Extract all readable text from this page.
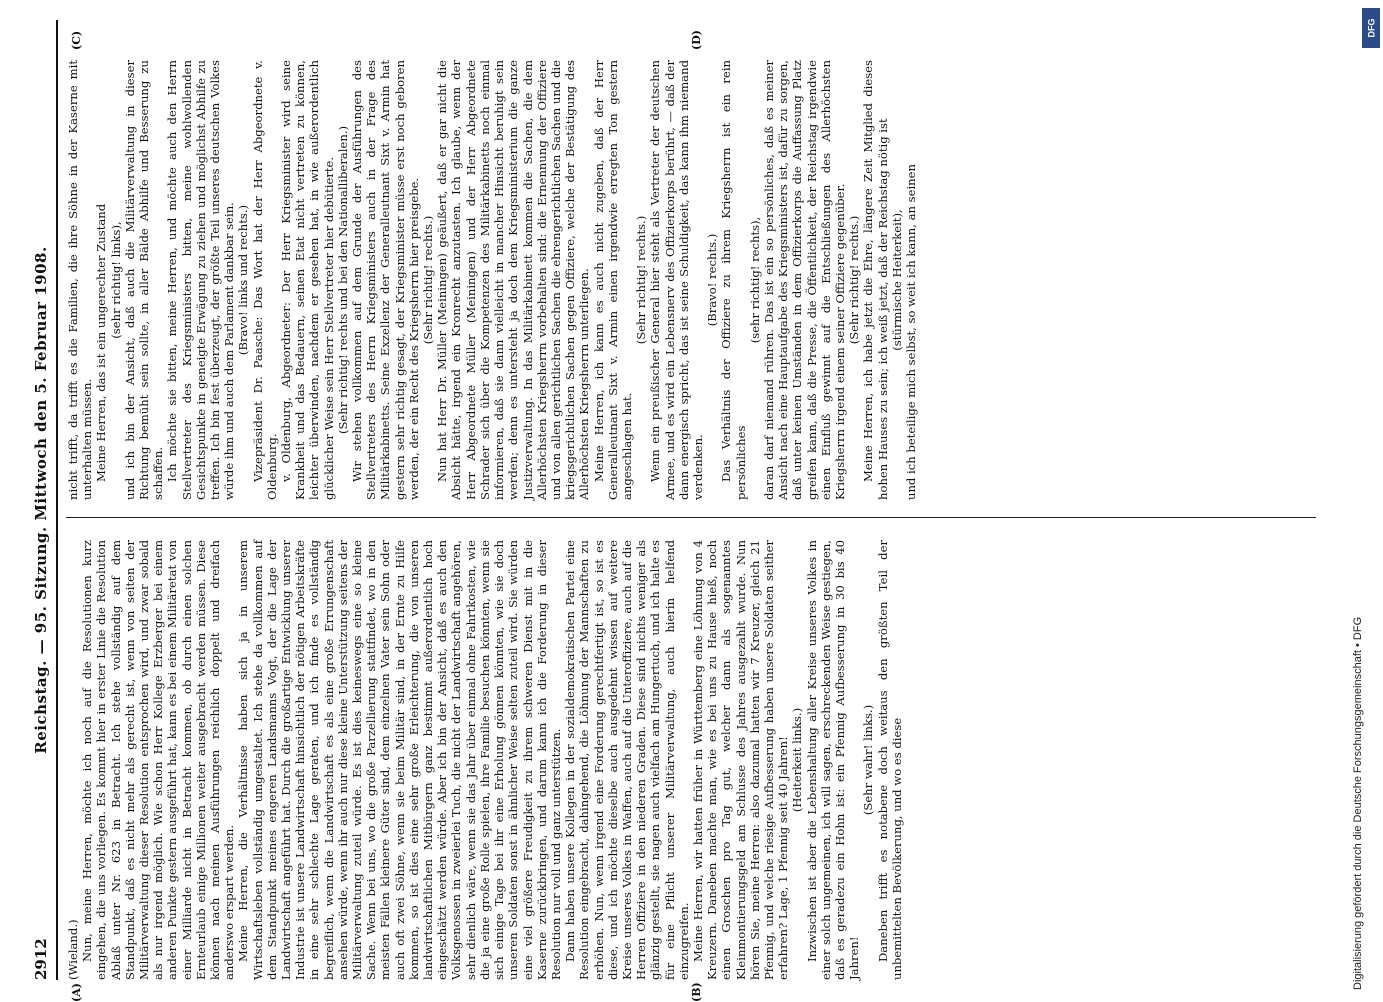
2912
Reichstag. — 95. Sitzung. Mittwoch den 5. Februar 1908.

(Wieland.) Nun, meine Herren, möchte ich noch auf die Resolutionen kurz eingehen, die uns vorliegen. Es kommt hier in erster Linie die Resolution Ablaß unter Nr. 623 in Betracht. Ich stehe vollständig auf dem Standpunkt, daß es nicht mehr als gerecht ist, wenn von seiten der Militärverwaltung dieser Resolution entsprochen wird, und zwar sobald als nur irgend möglich. Wie schon Herr Kollege Erzberger bei einem anderen Punkte gestern ausgeführt hat, kann es bei einem Militäretat von einer Milliarde nicht in Betracht kommen, ob durch einen solchen Ernteurlaub einige Millionen weiter ausgebracht werden müssen. Diese können nach meinen Ausführungen reichlich doppelt und dreifach anderswo erspart werden. Meine Herren, die Verhältnisse haben sich ja in unserem Wirtschaftsleben vollständig umgestaltet. Ich stehe da vollkommen auf dem Standpunkt meines engeren Landsmanns Vogt, der die Lage der Landwirtschaft angeführt hat. Durch die großartige Entwicklung unserer Industrie ist unsere Landwirtschaft hinsichtlich der nötigen Arbeitskräfte in eine sehr schlechte Lage geraten, und ich finde es vollständig begreiflich, wenn die Landwirtschaft es als eine große Errungenschaft ansehen würde, wenn ihr auch nur diese kleine Unterstützung seitens der Militärverwaltung zuteil würde. Es ist dies keineswegs eine so kleine Sache. Wenn bei uns, wo die große Parzellierung stattfindet, wo in den meisten Fällen kleinere Güter sind, dem einzelnen Vater sein Sohn oder auch oft zwei Söhne, wenn sie beim Militär sind, in der Ernte zu Hilfe kommen, so ist dies eine sehr große Erleichterung, die von unseren landwirtschaftlichen Mitbürgern ganz bestimmt außerordentlich hoch eingeschätzt werden würde. Aber ich bin der Ansicht, daß es auch den Volksgenossen in zweierlei Tuch, die nicht der Landwirtschaft angehören, sehr dienlich wäre, wenn sie das Jahr über einmal ohne Fahrtkosten, wie die ja eine große Rolle spielen, ihre Familie besuchen könnten, wenn sie sich einige Tage bei ihr eine Erholung gönnen könnten, wie sie doch unseren Soldaten sonst in ähnlicher Weise selten zuteil wird. Sie würden eine viel größere Freudigkeit zu ihrem schweren Dienst mit in die Kaserne zurückbringen, und darum kann ich die Forderung in dieser Resolution nur voll und ganz unterstützen. Dann haben unsere Kollegen in der sozialdemokratischen Partei eine Resolution eingebracht, dahingehend, die Löhnung der Mannschaften zu erhöhen. Nun, wenn irgend eine Forderung gerechtfertigt ist, so ist es diese, und ich möchte dieselbe auch ausgedehnt wissen auf weitere Kreise unseres Volkes in Waffen, auch auf die Unteroffiziere, auch auf die Herren Offiziere in den niederen Graden. Diese sind nichts weniger als glänzig gestellt, sie nagen auch vielfach am Hungertuch, und ich halte es für eine Pflicht unserer Militärverwaltung, auch hierin helfend einzugreifen. Meine Herren, wir hatten früher in Württemberg eine Löhnung von 4 Kreuzern. Daneben machte man, wie es bei uns zu Hause hieß, noch einen Groschen pro Tag gut, welcher dann als sogenanntes Kleinmontierungsgeld am Schlusse des Jahres ausgezahlt wurde. Nun hören Sie, meine Herren: also dazumal hatten wir 7 Kreuzer, gleich 21 Pfennig, und welche riesige Aufbesserung haben unsere Soldaten seither erfahren? Lage, 1 Pfennig seit 40 Jahren! (Heiterkeit links.) Inzwischen ist aber die Lebenshaltung aller Kreise unseres Volkes in einer solch ungemeinen, ich will sagen, erschreckenden Weise gestiegen, daß es geradezu ein Hohn ist: ein Pfennig Aufbesserung in 30 bis 40 Jahren!

(Sehr wahr! links.) Daneben trifft es notabene doch weitaus den größten Teil der unbemittelten Bevölkerung, und wo es diese

nicht trifft, da trifft es die Familien, die ihre Söhne in der Kaserne mit unterhalten müssen. Meine Herren, das ist ein ungerechter Zustand (sehr richtig! links), und ich bin der Ansicht, daß auch die Militärverwaltung in dieser Richtung bemüht sein sollte, in aller Bälde Abhilfe und Besserung zu schaffen. Ich möchte sie bitten, meine Herren, und möchte auch den Herrn Stellvertreter des Kriegsministers bitten, meine wohlwollenden Gesichtspunkte in geneigte Erwägung zu ziehen und möglichst Abhilfe zu treffen. Ich bin fest überzeugt, der größte Teil unseres deutschen Volkes würde ihm und auch dem Parlament dankbar sein. (Bravo! links und rechts.) Vizepräsident Dr. Paasche: Das Wort hat der Herr Abgeordnete v. Oldenburg. v. Oldenburg, Abgeordneter: Der Herr Kriegsminister wird seine Krankheit und das Bedauern, seinen Etat nicht vertreten zu können, leichter überwinden, nachdem er gesehen hat, in wie außerordentlich glücklicher Weise sein Herr Stellvertreter hier debütierte. (Sehr richtig! rechts und bei den Nationalliberalen.) Wir stehen vollkommen auf dem Grunde der Ausführungen des Stellvertreters des Herrn Kriegsministers auch in der Frage des Militärkabinetts. Seine Exzellenz der Generalleutnant Sixt v. Armin hat gestern sehr richtig gesagt, der Kriegsminister müsse erst noch geboren werden, der ein Recht des Kriegsherrn hier preisgebe. (Sehr richtig! rechts.) Nun hat Herr Dr. Müller (Meiningen) geäußert, daß er gar nicht die Absicht hätte, irgend ein Kronrecht anzutasten. Ich glaube, wenn der Herr Abgeordnete Müller (Meiningen) und der Herr Abgeordnete Schrader sich über die Kompetenzen des Militärkabinetts noch einmal informieren, daß sie dann vielleicht in mancher Hinsicht beruhigt sein werden; denn es untersteht ja doch dem Kriegsministerium die ganze Justizverwaltung. In das Militärkabinett kommen die Sachen, die dem Allerhöchsten Kriegsherrn vorbehalten sind: die Ernennung der Offiziere und von allen gerichtlichen Sachen die ehrengerichtlichen Sachen und die kriegsgerichtlichen Sachen gegen Offiziere, welche der Bestätigung des Allerhöchsten Kriegsherrn unterliegen. Meine Herren, ich kann es auch nicht zugeben, daß der Herr Generalleutnant Sixt v. Armin einen irgendwie erregten Ton gestern angeschlagen hat.

(Sehr richtig! rechts.) Wenn ein preußischer General hier steht als Vertreter der deutschen Armee, und es wird ein Lebensnerv des Offizierkorps berührt, — daß der dann energisch spricht, das ist seine Schuldigkeit, das kann ihm niemand verdenken.

(Bravo! rechts.) Das Verhältnis der Offiziere zu ihrem Kriegsherrn ist ein rein persönliches

(sehr richtig! rechts), daran darf niemand rühren. Das ist ein so persönliches, daß es meiner Ansicht nach eine Hauptaufgabe des Kriegsministers ist, dafür zu sorgen, daß unter keinen Umständen in dem Offizierkorps die Auffassung Platz greifen kann, daß die Presse, die Öffentlichkeit, der Reichstag irgendwie einen Einfluß gewinnt auf die Entschließungen des Allerhöchsten Kriegsherrn irgend einem seiner Offiziere gegenüber. (Sehr richtig! rechts.) Meine Herren, ich habe jetzt die Ehre, längere Zeit Mitglied dieses hohen Hauses zu sein; ich weiß jetzt, daß der Reichstag nötig ist (stürmische Heiterkeit), und ich beteilige mich selbst, so weit ich kann, an seinen

(A)	(B)
(C)	(D)
Digitalisierung gefördert durch die Deutsche Forschungsgemeinschaft • DFG
DFG
